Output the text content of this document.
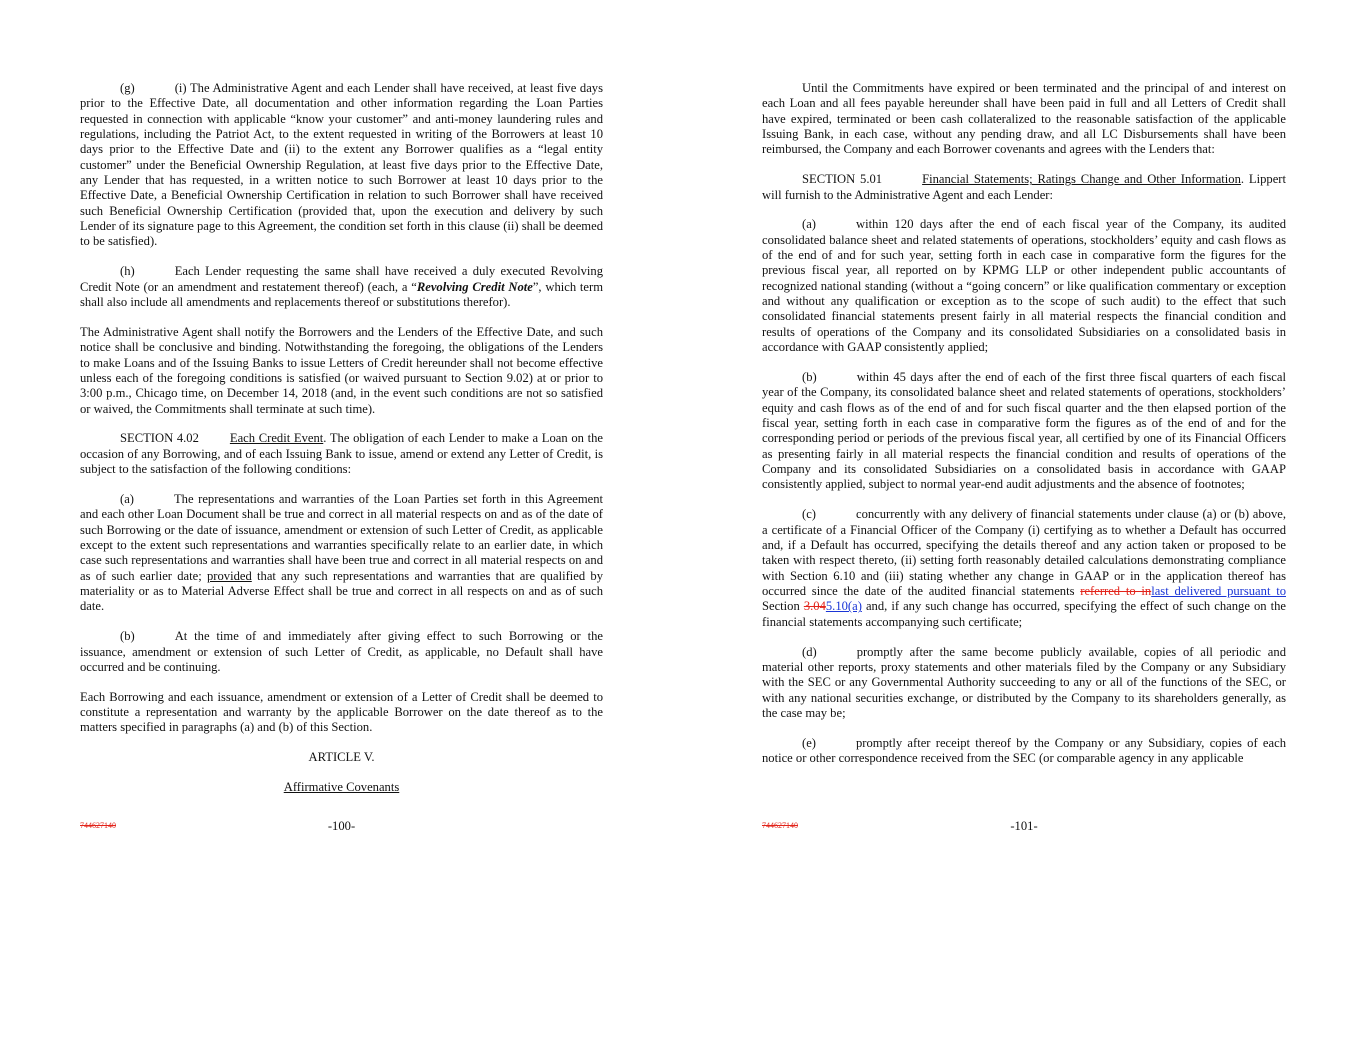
(g)	(i) The Administrative Agent and each Lender shall have received, at least five days prior to the Effective Date, all documentation and other information regarding the Loan Parties requested in connection with applicable “know your customer” and anti-money laundering rules and regulations, including the Patriot Act, to the extent requested in writing of the Borrowers at least 10 days prior to the Effective Date and (ii) to the extent any Borrower qualifies as a “legal entity customer” under the Beneficial Ownership Regulation, at least five days prior to the Effective Date, any Lender that has requested, in a written notice to such Borrower at least 10 days prior to the Effective Date, a Beneficial Ownership Certification in relation to such Borrower shall have received such Beneficial Ownership Certification (provided that, upon the execution and delivery by such Lender of its signature page to this Agreement, the condition set forth in this clause (ii) shall be deemed to be satisfied).

(h)	Each Lender requesting the same shall have received a duly executed Revolving Credit Note (or an amendment and restatement thereof) (each, a “Revolving Credit Note”, which term shall also include all amendments and replacements thereof or substitutions therefor).

The Administrative Agent shall notify the Borrowers and the Lenders of the Effective Date, and such notice shall be conclusive and binding. Notwithstanding the foregoing, the obligations of the Lenders to make Loans and of the Issuing Banks to issue Letters of Credit hereunder shall not become effective unless each of the foregoing conditions is satisfied (or waived pursuant to Section 9.02) at or prior to 3:00 p.m., Chicago time, on December 14, 2018 (and, in the event such conditions are not so satisfied or waived, the Commitments shall terminate at such time).

SECTION 4.02 Each Credit Event. The obligation of each Lender to make a Loan on the occasion of any Borrowing, and of each Issuing Bank to issue, amend or extend any Letter of Credit, is subject to the satisfaction of the following conditions:

(a)	The representations and warranties of the Loan Parties set forth in this Agreement and each other Loan Document shall be true and correct in all material respects on and as of the date of such Borrowing or the date of issuance, amendment or extension of such Letter of Credit, as applicable except to the extent such representations and warranties specifically relate to an earlier date, in which case such representations and warranties shall have been true and correct in all material respects on and as of such earlier date; provided that any such representations and warranties that are qualified by materiality or as to Material Adverse Effect shall be true and correct in all respects on and as of such date.

(b)	At the time of and immediately after giving effect to such Borrowing or the issuance, amendment or extension of such Letter of Credit, as applicable, no Default shall have occurred and be continuing.

Each Borrowing and each issuance, amendment or extension of a Letter of Credit shall be deemed to constitute a representation and warranty by the applicable Borrower on the date thereof as to the matters specified in paragraphs (a) and (b) of this Section.

ARTICLE V.

Affirmative Covenants

744627140	-100-

Until the Commitments have expired or been terminated and the principal of and interest on each Loan and all fees payable hereunder shall have been paid in full and all Letters of Credit shall have expired, terminated or been cash collateralized to the reasonable satisfaction of the applicable Issuing Bank, in each case, without any pending draw, and all LC Disbursements shall have been reimbursed, the Company and each Borrower covenants and agrees with the Lenders that:

SECTION 5.01	Financial Statements; Ratings Change and Other Information. Lippert will furnish to the Administrative Agent and each Lender:

(a)	within 120 days after the end of each fiscal year of the Company, its audited consolidated balance sheet and related statements of operations, stockholders’ equity and cash flows as of the end of and for such year, setting forth in each case in comparative form the figures for the previous fiscal year, all reported on by KPMG LLP or other independent public accountants of recognized national standing (without a “going concern” or like qualification commentary or exception and without any qualification or exception as to the scope of such audit) to the effect that such consolidated financial statements present fairly in all material respects the financial condition and results of operations of the Company and its consolidated Subsidiaries on a consolidated basis in accordance with GAAP consistently applied;

(b)	within 45 days after the end of each of the first three fiscal quarters of each fiscal year of the Company, its consolidated balance sheet and related statements of operations, stockholders’ equity and cash flows as of the end of and for such fiscal quarter and the then elapsed portion of the fiscal year, setting forth in each case in comparative form the figures as of the end of and for the corresponding period or periods of the previous fiscal year, all certified by one of its Financial Officers as presenting fairly in all material respects the financial condition and results of operations of the Company and its consolidated Subsidiaries on a consolidated basis in accordance with GAAP consistently applied, subject to normal year-end audit adjustments and the absence of footnotes;

(c)	concurrently with any delivery of financial statements under clause (a) or (b) above, a certificate of a Financial Officer of the Company (i) certifying as to whether a Default has occurred and, if a Default has occurred, specifying the details thereof and any action taken or proposed to be taken with respect thereto, (ii) setting forth reasonably detailed calculations demonstrating compliance with Section 6.10 and (iii) stating whether any change in GAAP or in the application thereof has occurred since the date of the audited financial statements referred to inlast delivered pursuant to Section 3.045.10(a) and, if any such change has occurred, specifying the effect of such change on the financial statements accompanying such certificate;

(d)	promptly after the same become publicly available, copies of all periodic and material other reports, proxy statements and other materials filed by the Company or any Subsidiary with the SEC or any Governmental Authority succeeding to any or all of the functions of the SEC, or with any national securities exchange, or distributed by the Company to its shareholders generally, as the case may be;

(e)	promptly after receipt thereof by the Company or any Subsidiary, copies of each notice or other correspondence received from the SEC (or comparable agency in any applicable

744627140	-101-
